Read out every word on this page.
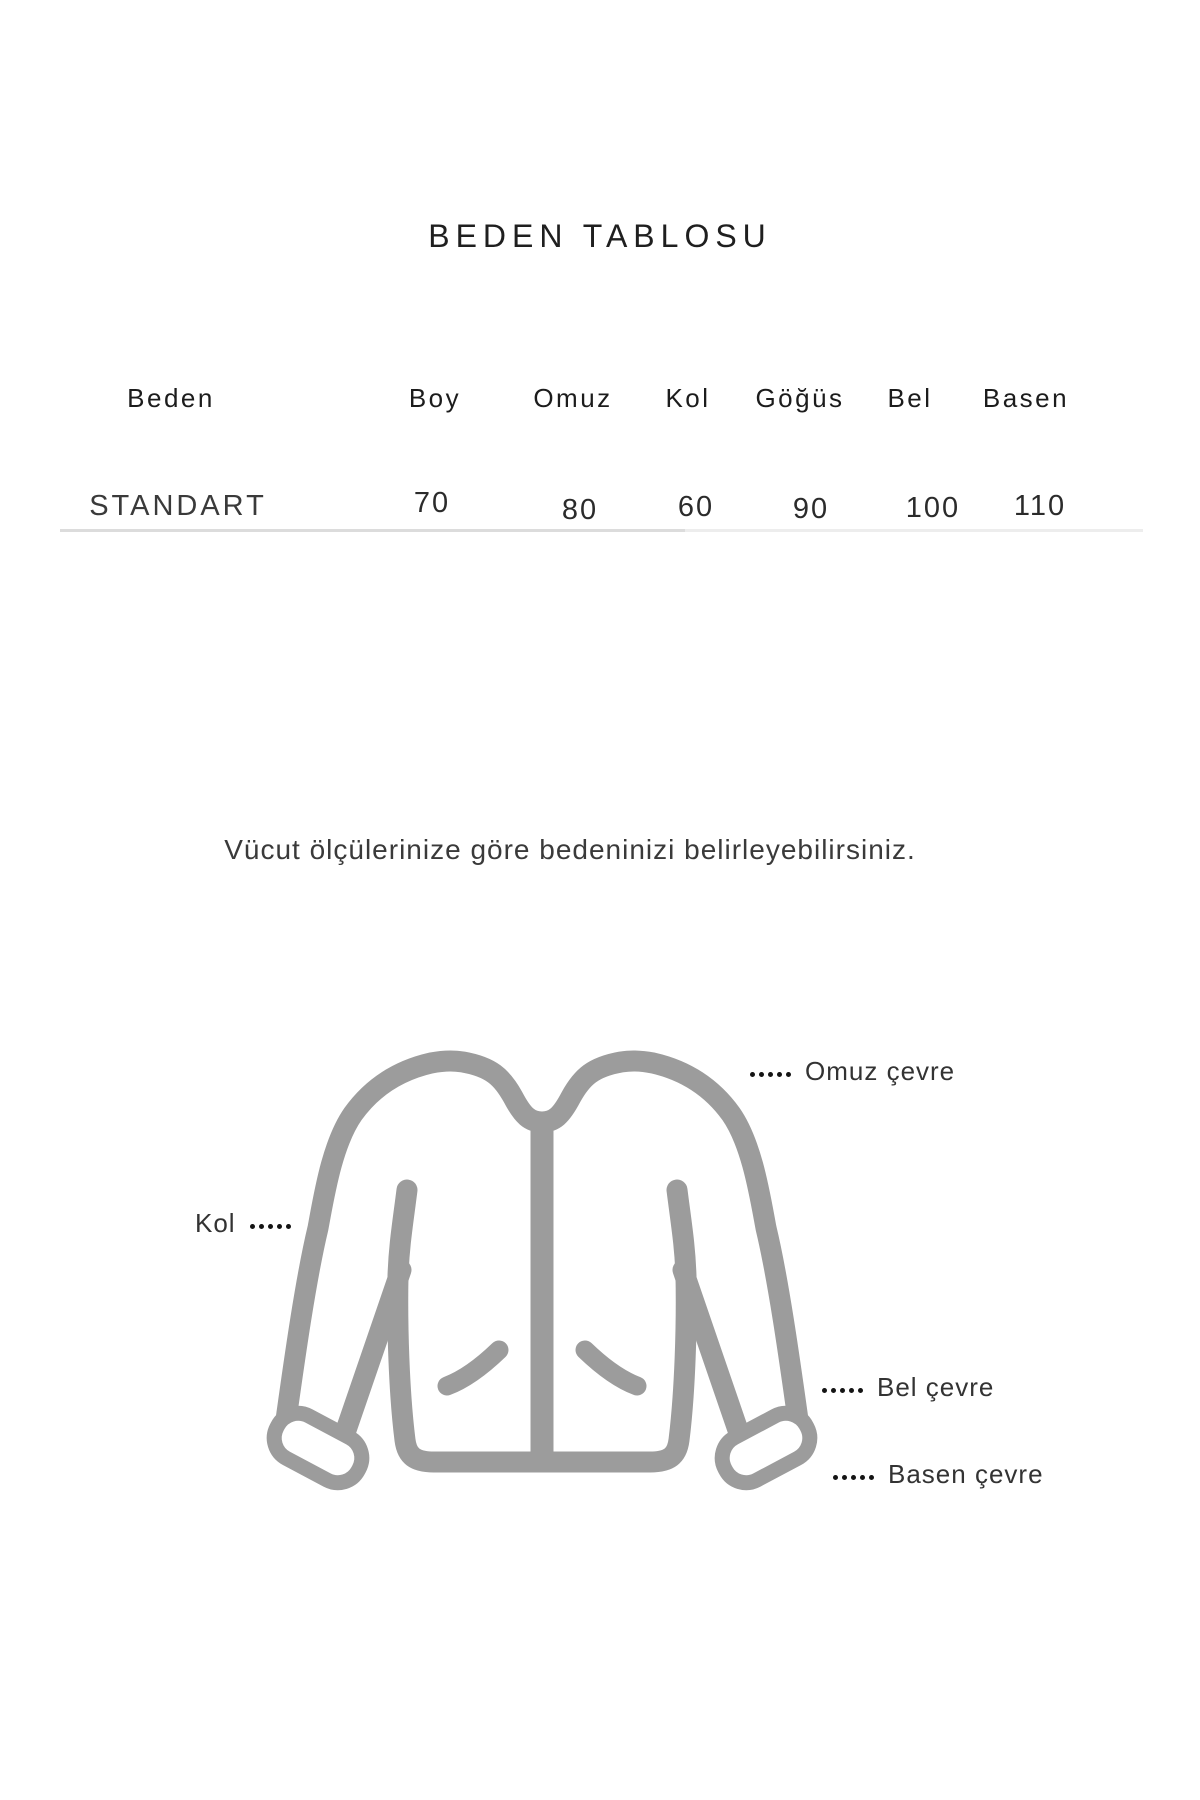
BEDEN TABLOSU
Beden	Boy	Omuz Kol Göğüs Bel Basen
STANDART	70	80	60	90	100 110
Vücut ölçülerinize göre bedeninizi belirleyebilirsiniz.
Omuz çevre
Kol
Bel çevre
Basen çevre
